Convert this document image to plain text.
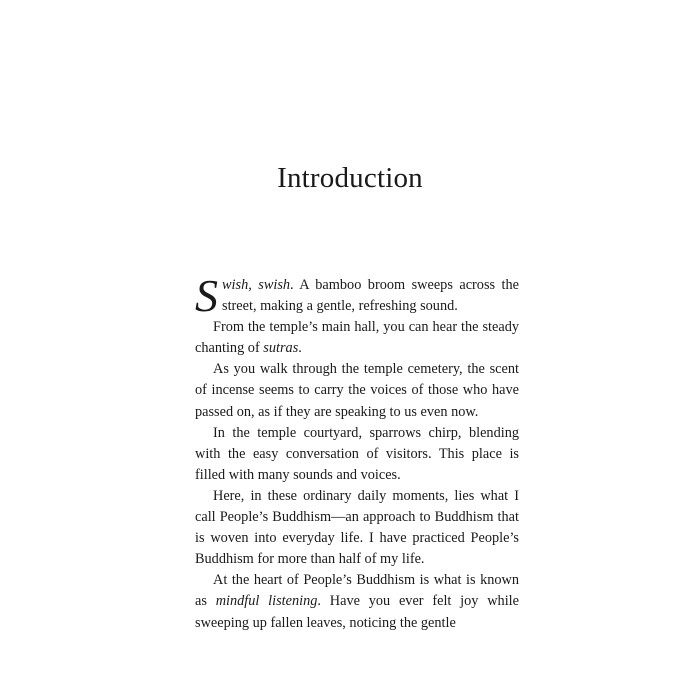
Introduction

Swish, swish. A bamboo broom sweeps across the street, making a gentle, refreshing sound.

From the temple’s main hall, you can hear the steady chanting of sutras.

As you walk through the temple cemetery, the scent of incense seems to carry the voices of those who have passed on, as if they are speaking to us even now.

In the temple courtyard, sparrows chirp, blending with the easy conversation of visitors. This place is filled with many sounds and voices.

Here, in these ordinary daily moments, lies what I call People’s Buddhism—an approach to Buddhism that is woven into everyday life. I have practiced People’s Buddhism for more than half of my life.

At the heart of People’s Buddhism is what is known as mindful listening. Have you ever felt joy while sweeping up fallen leaves, noticing the gentle
